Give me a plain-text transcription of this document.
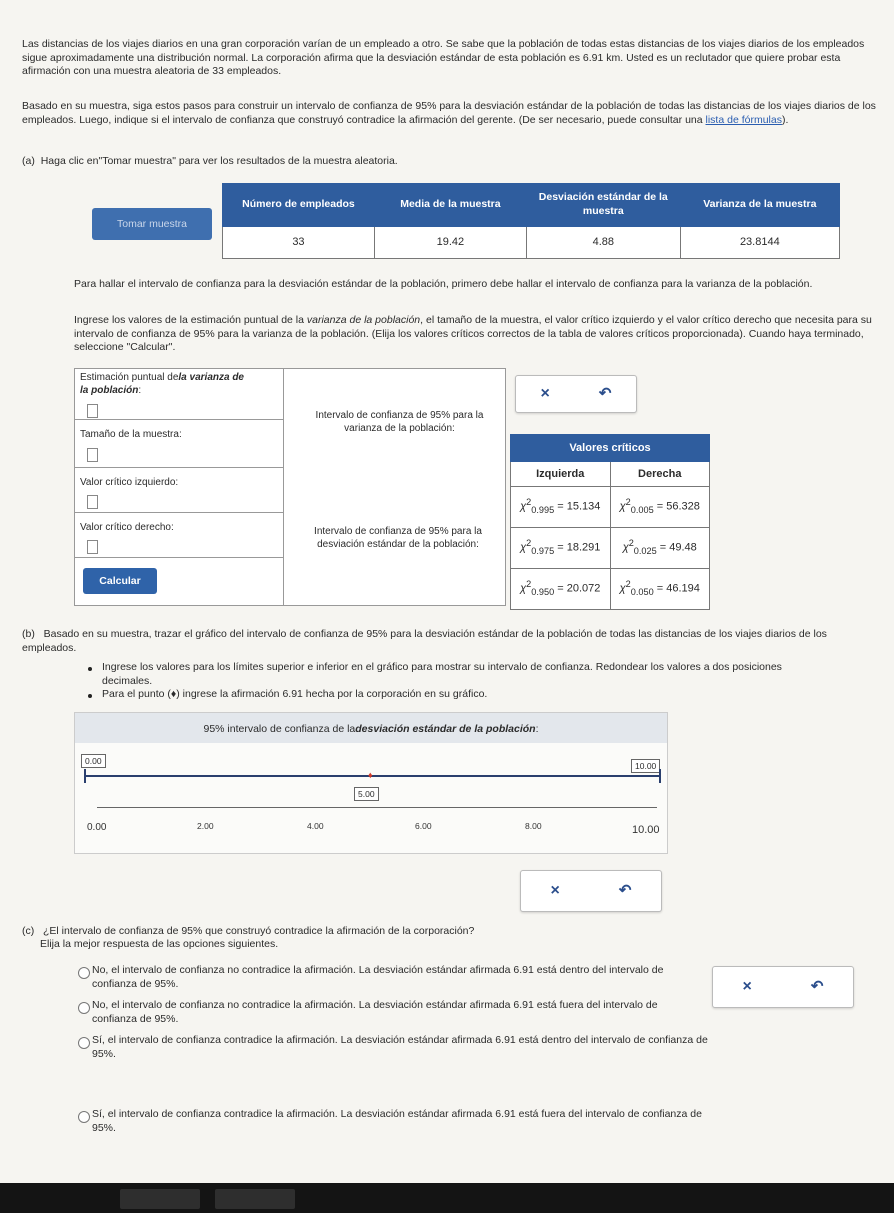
Las distancias de los viajes diarios en una gran corporación varían de un empleado a otro. Se sabe que la población de todas estas distancias de los viajes diarios de los empleados sigue aproximadamente una distribución normal. La corporación afirma que la desviación estándar de esta población es 6.91 km. Usted es un reclutador que quiere probar esta afirmación con una muestra aleatoria de 33 empleados.

Basado en su muestra, siga estos pasos para construir un intervalo de confianza de 95% para la desviación estándar de la población de todas las distancias de los viajes diarios de los empleados. Luego, indique si el intervalo de confianza que construyó contradice la afirmación del gerente. (De ser necesario, puede consultar una lista de fórmulas).

(a) Haga clic en"Tomar muestra" para ver los resultados de la muestra aleatoria.

Tomar muestra
Número de empleados	Media de la muestra	Desviación estándar de la muestra	Varianza de la muestra
33	19.42	4.88	23.8144

Para hallar el intervalo de confianza para la desviación estándar de la población, primero debe hallar el intervalo de confianza para la varianza de la población.

Ingrese los valores de la estimación puntual de la varianza de la población, el tamaño de la muestra, el valor crítico izquierdo y el valor crítico derecho que necesita para su intervalo de confianza de 95% para la varianza de la población. (Elija los valores críticos correctos de la tabla de valores críticos proporcionada). Cuando haya terminado, seleccione "Calcular".

Estimación puntual dela varianza de
la población:
Tamaño de la muestra:
Valor crítico izquierdo:
Valor crítico derecho:
Calcular
Intervalo de confianza de 95% para la varianza de la población:
Intervalo de confianza de 95% para la desviación estándar de la población:
×	↶
Valores críticos	
Izquierda	Derecha
$\chi^2_{0.995} = 15.134$	$\chi^2_{0.005} = 56.328$
$\chi^2_{0.975} = 18.291$	$\chi^2_{0.025} = 49.48$
$\chi^2_{0.950} = 20.072$	$\chi^2_{0.050} = 46.194$

(b) Basado en su muestra, trazar el gráfico del intervalo de confianza de 95% para la desviación estándar de la población de todas las distancias de los viajes diarios de los empleados.

Ingrese los valores para los límites superior e inferior en el gráfico para mostrar su intervalo de confianza. Redondear los valores a dos posiciones decimales.

Para el punto (♦) ingrese la afirmación 6.91 hecha por la corporación en su gráfico.

95% intervalo de confianza de ladesviación estándar de la población:
0.00	10.00
♦
5.00
0.00	2.00	4.00	6.00	8.00	10.00
×	↶

(c) ¿El intervalo de confianza de 95% que construyó contradice la afirmación de la corporación?

Elija la mejor respuesta de las opciones siguientes.

No, el intervalo de confianza no contradice la afirmación. La desviación estándar afirmada 6.91 está dentro del intervalo de confianza de 95%.

No, el intervalo de confianza no contradice la afirmación. La desviación estándar afirmada 6.91 está fuera del intervalo de confianza de 95%.

Sí, el intervalo de confianza contradice la afirmación. La desviación estándar afirmada 6.91 está dentro del intervalo de confianza de 95%.

Sí, el intervalo de confianza contradice la afirmación. La desviación estándar afirmada 6.91 está fuera del intervalo de confianza de 95%.

×	↶
